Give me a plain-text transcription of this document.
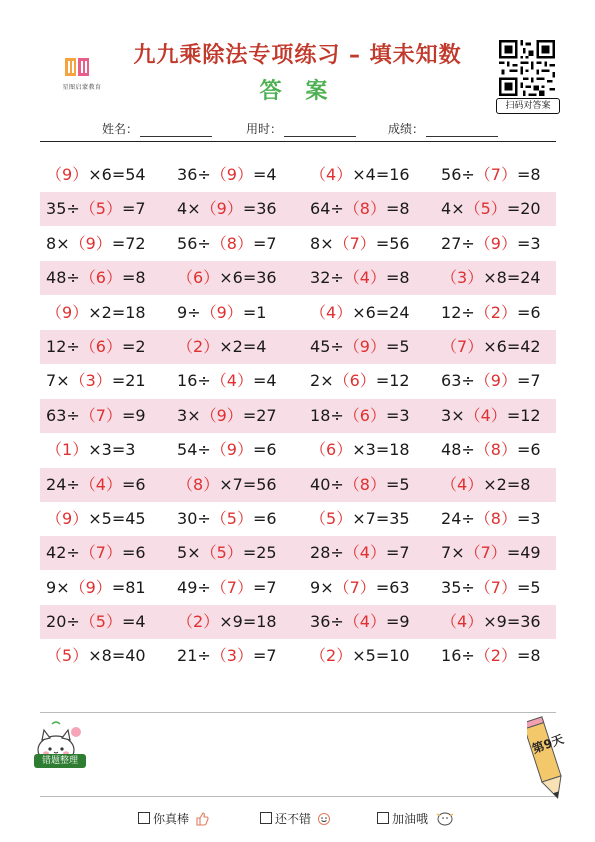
星图启蒙教育
九九乘除法专项练习 – 填未知数
答 案
扫码对答案
姓名：	用时：	成绩：
（9）×6=54 36÷（9）=4 （4）×4=16 56÷（7）=8
35÷（5）=7 4×（9）=36 64÷（8）=8 4×（5）=20
8×（9）=72 56÷（8）=7 8×（7）=56 27÷（9）=3
48÷（6）=8 （6）×6=36 32÷（4）=8 （3）×8=24
（9）×2=18 9÷（9）=1	（4）×6=24 12÷（2）=6
12÷（6）=2 （2）×2=4	45÷（9）=5 （7）×6=42
7×（3）=21 16÷（4）=4 2×（6）=12 63÷（9）=7
63÷（7）=9 3×（9）=27 18÷（6）=3 3×（4）=12
（1）×3=3	54÷（9）=6 （6）×3=18 48÷（8）=6
24÷（4）=6 （8）×7=56 40÷（8）=5 （4）×2=8
（9）×5=45 30÷（5）=6 （5）×7=35 24÷（8）=3
42÷（7）=6 5×（5）=25 28÷（4）=7 7×（7）=49
9×（9）=81 49÷（7）=7 9×（7）=63 35÷（7）=5
20÷（5）=4 （2）×9=18 36÷（4）=9 （4）×9=36
（5）×8=40 21÷（3）=7 （2）×5=10 16÷（2）=8
错题整理
第9天
你真棒	还不错	加油哦
